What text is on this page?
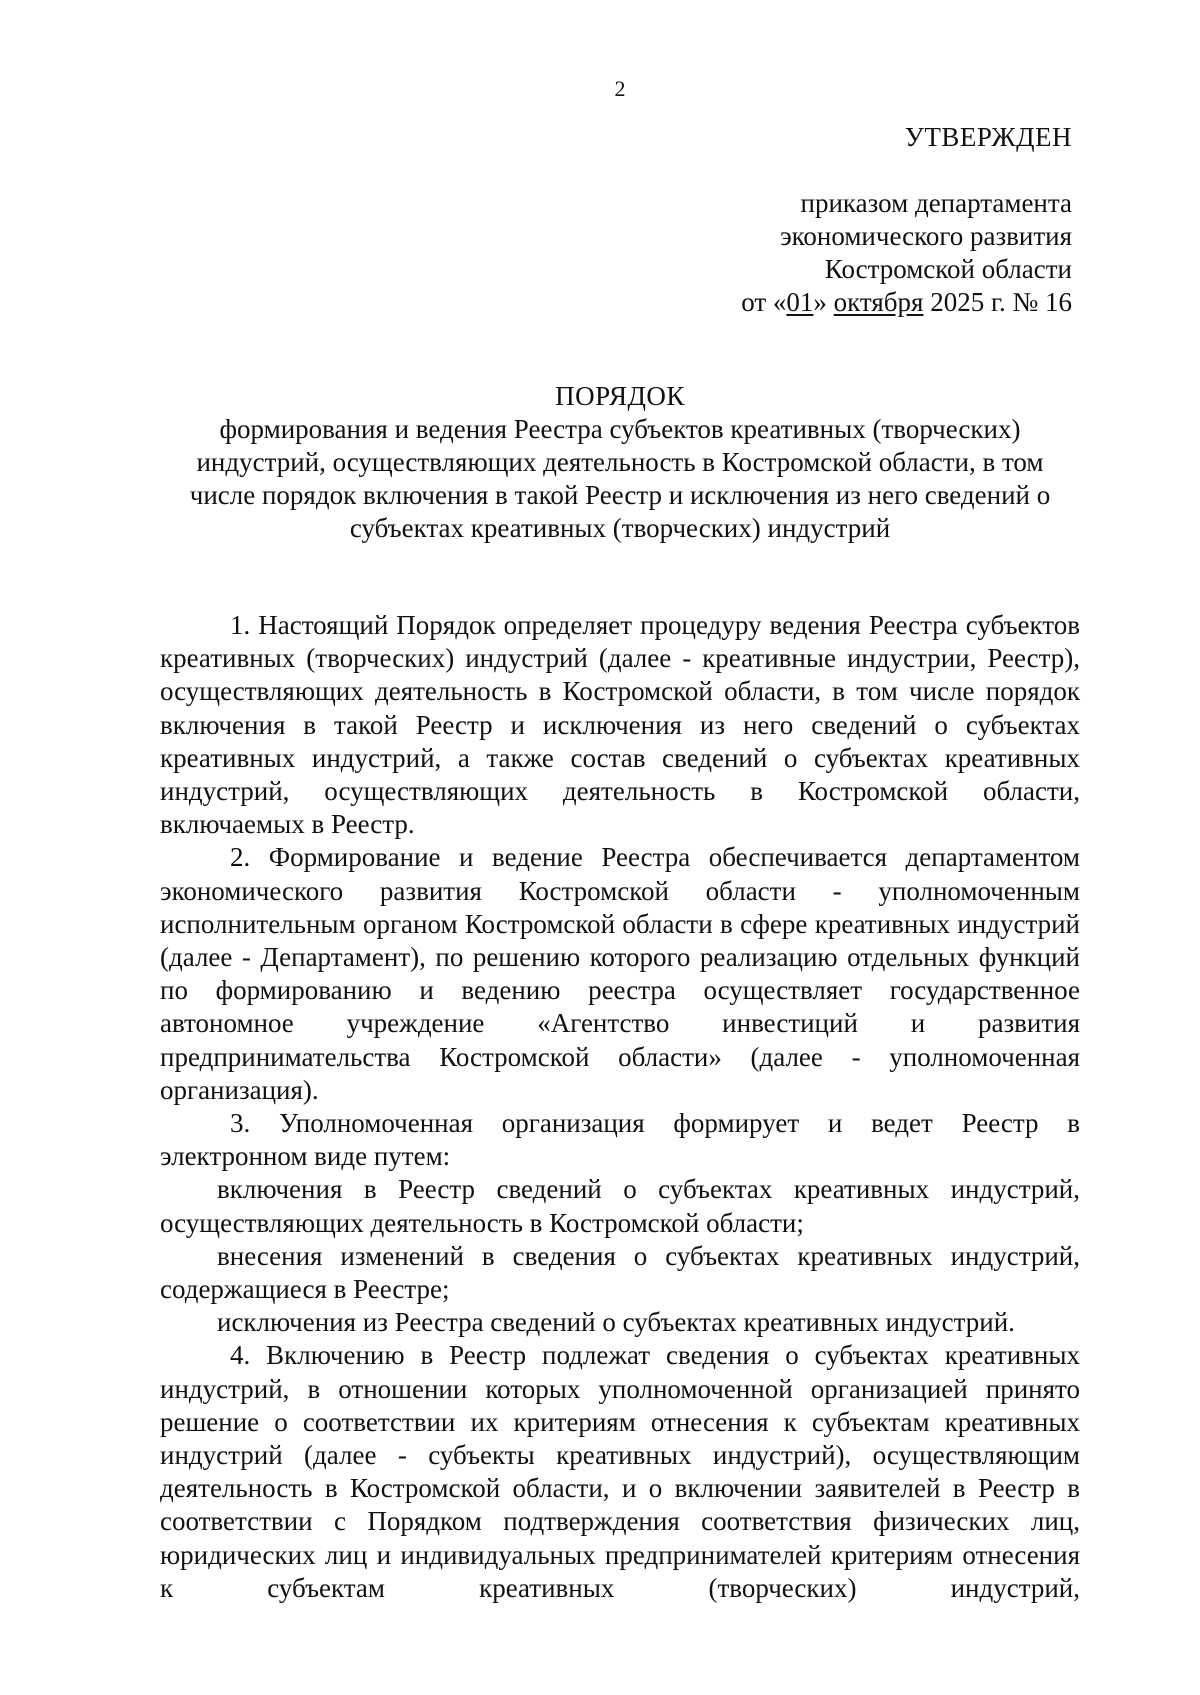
2
УТВЕРЖДЕН
приказом департамента
экономического развития
Костромской области
от «01» октября 2025 г. № 16
ПОРЯДОК
формирования и ведения Реестра субъектов креативных (творческих)
индустрий, осуществляющих деятельность в Костромской области, в том
числе порядок включения в такой Реестр и исключения из него сведений о
субъектах креативных (творческих) индустрий

1. Настоящий Порядок определяет процедуру ведения Реестра субъектов креативных (творческих) индустрий (далее - креативные индустрии, Реестр), осуществляющих деятельность в Костромской области, в том числе порядок включения в такой Реестр и исключения из него сведений о субъектах креативных индустрий, а также состав сведений о субъектах креативных индустрий, осуществляющих деятельность в Костромской области, включаемых в Реестр.

2. Формирование и ведение Реестра обеспечивается департаментом экономического развития Костромской области - уполномоченным исполнительным органом Костромской области в сфере креативных индустрий (далее - Департамент), по решению которого реализацию отдельных функций по формированию и ведению реестра осуществляет государственное автономное учреждение «Агентство инвестиций и развития предпринимательства Костромской области» (далее - уполномоченная организация).

3. Уполномоченная организация формирует и ведет Реестр в электронном виде путем:

включения в Реестр сведений о субъектах креативных индустрий, осуществляющих деятельность в Костромской области;

внесения изменений в сведения о субъектах креативных индустрий, содержащиеся в Реестре;

исключения из Реестра сведений о субъектах креативных индустрий.

4. Включению в Реестр подлежат сведения о субъектах креативных индустрий, в отношении которых уполномоченной организацией принято решение о соответствии их критериям отнесения к субъектам креативных индустрий (далее - субъекты креативных индустрий), осуществляющим деятельность в Костромской области, и о включении заявителей в Реестр в соответствии с Порядком подтверждения соответствия физических лиц, юридических лиц и индивидуальных предпринимателей критериям отнесения к субъектам креативных (творческих) индустрий,
